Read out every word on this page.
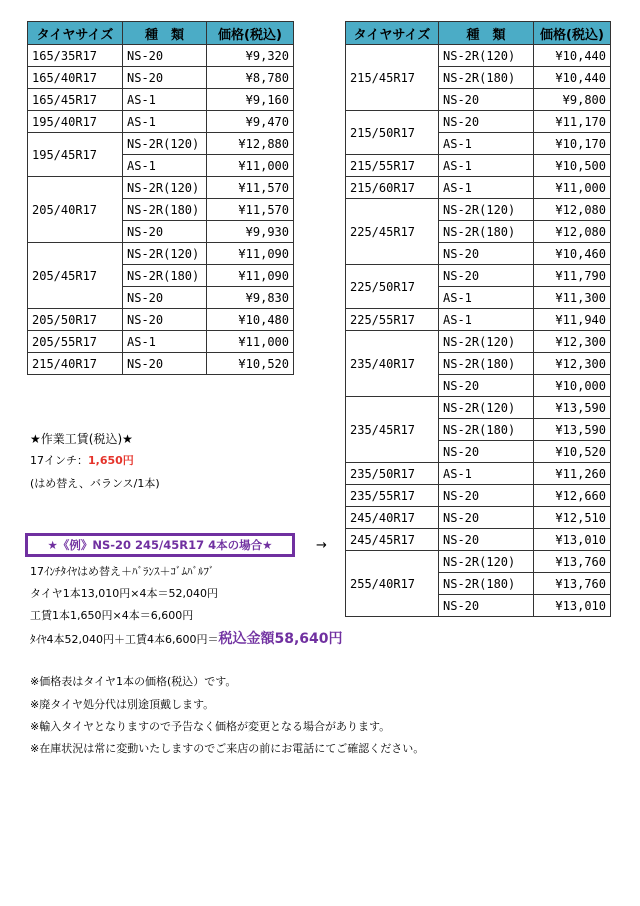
タイヤサイズ	種　類	価格(税込)
165/35R17	NS-20	¥9,320
165/40R17	NS-20	¥8,780
165/45R17	AS-1	¥9,160
195/40R17	AS-1	¥9,470
195/45R17	NS-2R(120)	¥12,880
	AS-1	¥11,000
205/40R17	NS-2R(120)	¥11,570
	NS-2R(180)	¥11,570
	NS-20	¥9,930
205/45R17	NS-2R(120)	¥11,090
	NS-2R(180)	¥11,090
	NS-20	¥9,830
205/50R17	NS-20	¥10,480
205/55R17	AS-1	¥11,000
215/40R17	NS-20	¥10,520
タイヤサイズ	種　類	価格(税込)
215/45R17	NS-2R(120)	¥10,440
	NS-2R(180)	¥10,440
	NS-20	¥9,800
215/50R17	NS-20	¥11,170
	AS-1	¥10,170
215/55R17	AS-1	¥10,500
215/60R17	AS-1	¥11,000
225/45R17	NS-2R(120)	¥12,080
	NS-2R(180)	¥12,080
	NS-20	¥10,460
225/50R17	NS-20	¥11,790
	AS-1	¥11,300
225/55R17	AS-1	¥11,940
235/40R17	NS-2R(120)	¥12,300
	NS-2R(180)	¥12,300
	NS-20	¥10,000
235/45R17	NS-2R(120)	¥13,590
	NS-2R(180)	¥13,590
	NS-20	¥10,520
235/50R17	AS-1	¥11,260
235/55R17	NS-20	¥12,660
245/40R17	NS-20	¥12,510
245/45R17	NS-20	¥13,010
255/40R17	NS-2R(120)	¥13,760
	NS-2R(180)	¥13,760
	NS-20	¥13,010
★作業工賃(税込)★
17インチ：1,650円
(はめ替え、バランス/1本)
★《例》NS-20 245/45R17 4本の場合★	→
17ｲﾝﾁﾀｲﾔはめ替え＋ﾊﾞﾗﾝｽ＋ｺﾞﾑﾊﾞﾙﾌﾞ
タイヤ1本13,010円×4本＝52,040円
工賃1本1,650円×4本＝6,600円
ﾀｲﾔ4本52,040円＋工賃4本6,600円＝税込金額58,640円
※価格表はタイヤ1本の価格(税込）です。
※廃タイヤ処分代は別途頂戴します。
※輸入タイヤとなりますので予告なく価格が変更となる場合があります。
※在庫状況は常に変動いたしますのでご来店の前にお電話にてご確認ください。
